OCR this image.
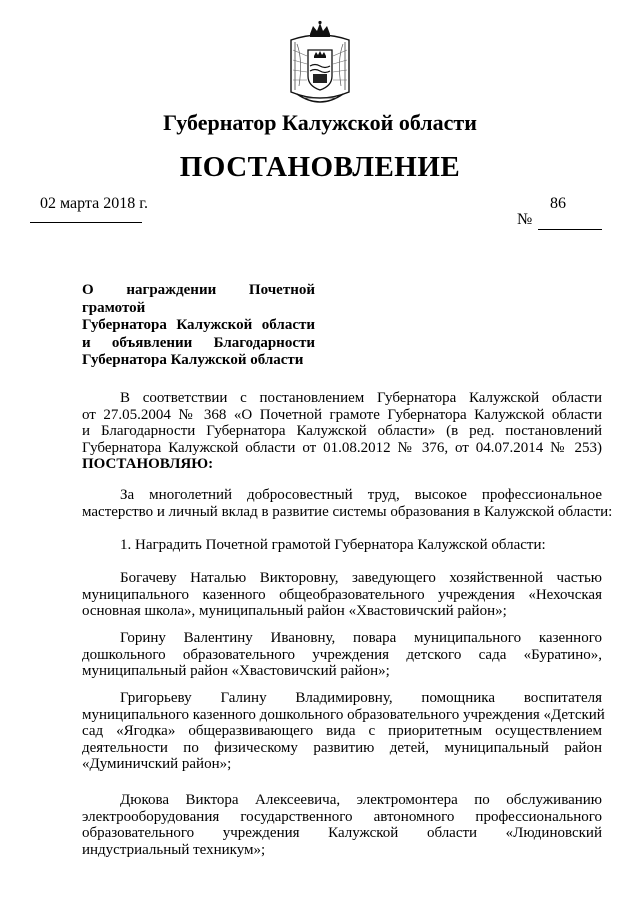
Губернатор Калужской области
ПОСТАНОВЛЕНИЕ
02 марта 2018 г.	86
№
О награждении Почетной грамотой
Губернатора Калужской области
и объявлении Благодарности
Губернатора Калужской области
В соответствии с постановлением Губернатора Калужской области
от 27.05.2004 № 368 «О Почетной грамоте Губернатора Калужской области
и Благодарности Губернатора Калужской области» (в ред. постановлений
Губернатора Калужской области от 01.08.2012 № 376, от 04.07.2014 № 253)
ПОСТАНОВЛЯЮ:
За многолетний добросовестный труд, высокое профессиональное
мастерство и личный вклад в развитие системы образования в Калужской области:
1. Наградить Почетной грамотой Губернатора Калужской области:
Богачеву Наталью Викторовну, заведующего хозяйственной частью
муниципального казенного общеобразовательного учреждения «Нехочская
основная школа», муниципальный район «Хвастовичский район»;
Горину Валентину Ивановну, повара муниципального казенного
дошкольного образовательного учреждения детского сада «Буратино»,
муниципальный район «Хвастовичский район»;
Григорьеву Галину Владимировну, помощника воспитателя
муниципального казенного дошкольного образовательного учреждения «Детский
сад «Ягодка» общеразвивающего вида с приоритетным осуществлением
деятельности по физическому развитию детей, муниципальный район
«Думиничский район»;
Дюкова Виктора Алексеевича, электромонтера по обслуживанию
электрооборудования государственного автономного профессионального
образовательного учреждения Калужской области «Людиновский
индустриальный техникум»;
